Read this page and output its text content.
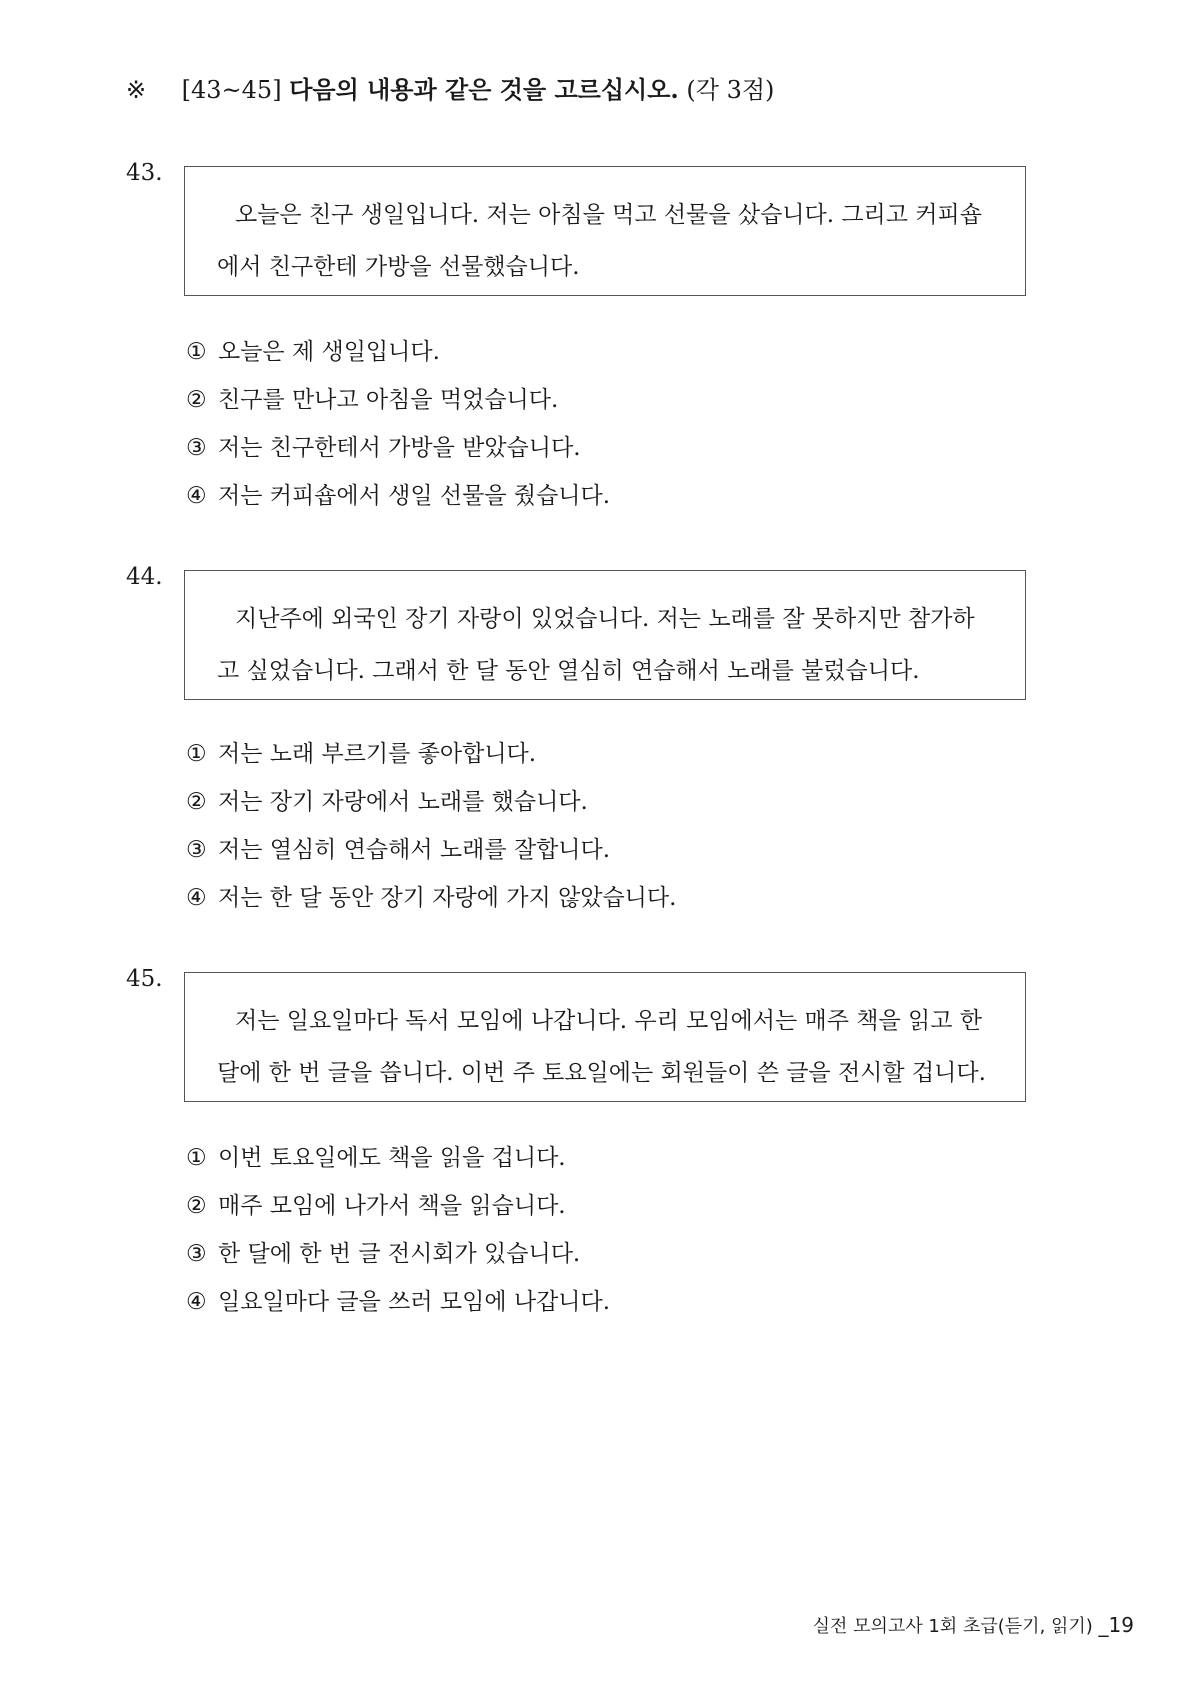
※ [43~45] 다음의 내용과 같은 것을 고르십시오. (각 3점)
43.
오늘은 친구 생일입니다. 저는 아침을 먹고 선물을 샀습니다. 그리고 커피숍에서 친구한테 가방을 선물했습니다.
① 오늘은 제 생일입니다.
② 친구를 만나고 아침을 먹었습니다.
③ 저는 친구한테서 가방을 받았습니다.
④ 저는 커피숍에서 생일 선물을 줬습니다.
44.
지난주에 외국인 장기 자랑이 있었습니다. 저는 노래를 잘 못하지만 참가하고 싶었습니다. 그래서 한 달 동안 열심히 연습해서 노래를 불렀습니다.
① 저는 노래 부르기를 좋아합니다.
② 저는 장기 자랑에서 노래를 했습니다.
③ 저는 열심히 연습해서 노래를 잘합니다.
④ 저는 한 달 동안 장기 자랑에 가지 않았습니다.
45.
저는 일요일마다 독서 모임에 나갑니다. 우리 모임에서는 매주 책을 읽고 한 달에 한 번 글을 씁니다. 이번 주 토요일에는 회원들이 쓴 글을 전시할 겁니다.
① 이번 토요일에도 책을 읽을 겁니다.
② 매주 모임에 나가서 책을 읽습니다.
③ 한 달에 한 번 글 전시회가 있습니다.
④ 일요일마다 글을 쓰러 모임에 나갑니다.
실전 모의고사 1회 초급(듣기, 읽기) _19
